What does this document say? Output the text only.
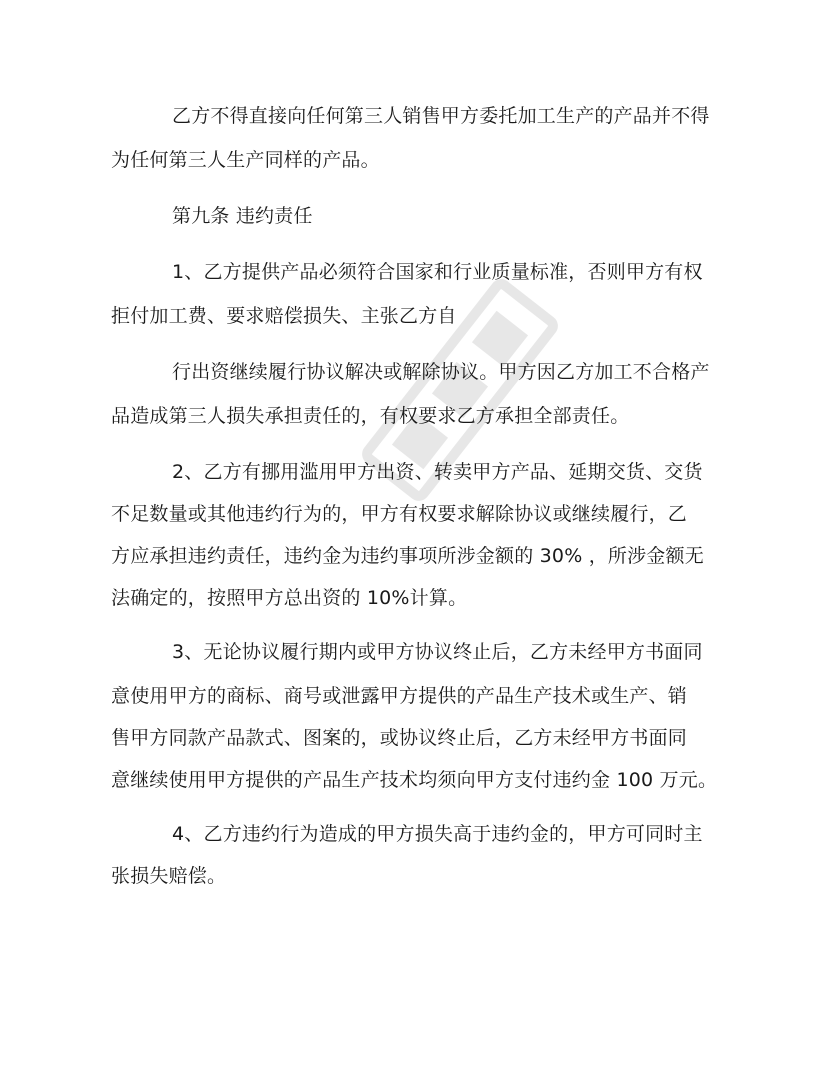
乙方不得直接向任何第三人销售甲方委托加工生产的产品并不得
为任何第三人生产同样的产品。
第九条 违约责任
1、乙方提供产品必须符合国家和行业质量标准，否则甲方有权
拒付加工费、要求赔偿损失、主张乙方自
行出资继续履行协议解决或解除协议。甲方因乙方加工不合格产
品造成第三人损失承担责任的，有权要求乙方承担全部责任。
2、乙方有挪用滥用甲方出资、转卖甲方产品、延期交货、交货
不足数量或其他违约行为的，甲方有权要求解除协议或继续履行，乙
方应承担违约责任，违约金为违约事项所涉金额的 30% ，所涉金额无
法确定的，按照甲方总出资的 10%计算。
3、无论协议履行期内或甲方协议终止后，乙方未经甲方书面同
意使用甲方的商标、商号或泄露甲方提供的产品生产技术或生产、销
售甲方同款产品款式、图案的，或协议终止后，乙方未经甲方书面同
意继续使用甲方提供的产品生产技术均须向甲方支付违约金 100 万元。
4、乙方违约行为造成的甲方损失高于违约金的，甲方可同时主
张损失赔偿。
